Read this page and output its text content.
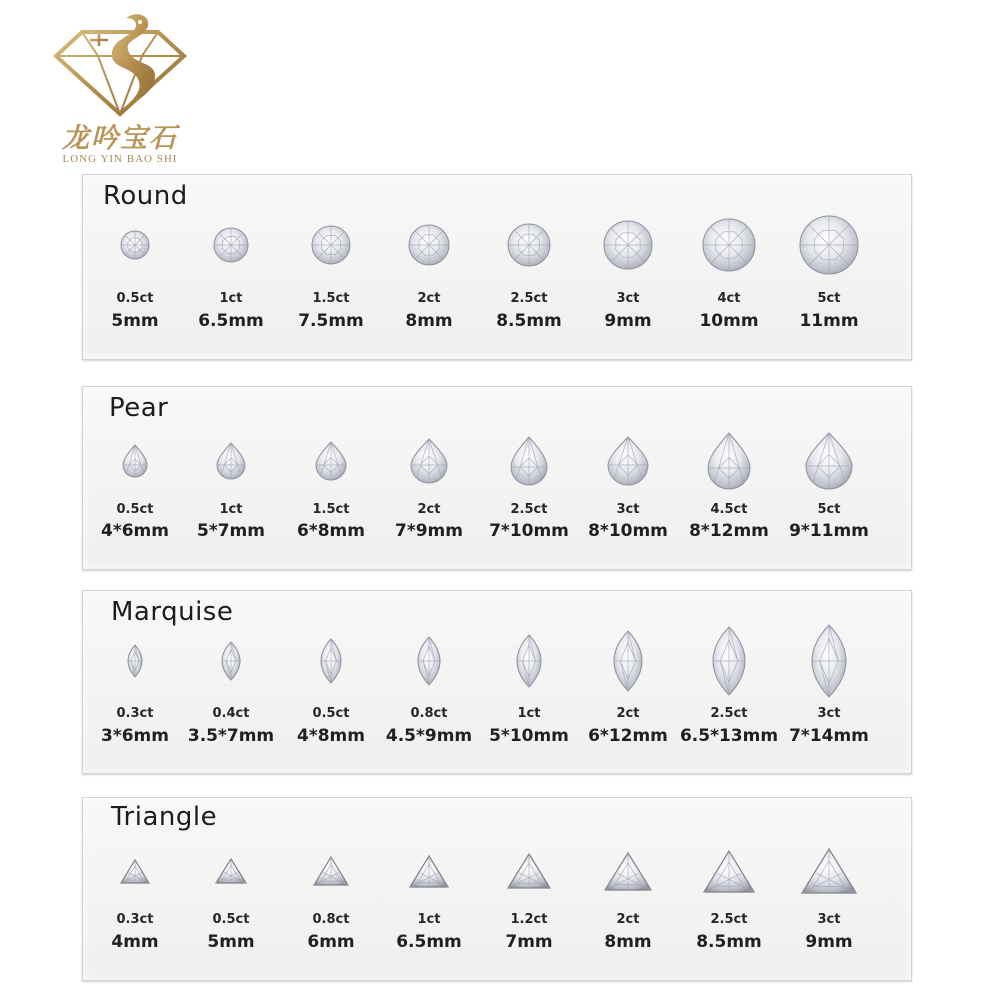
龙吟宝石
LONG YIN BAO SHI
Round
0.5ct
5mm
1ct
6.5mm
1.5ct
7.5mm
2ct
8mm
2.5ct
8.5mm
3ct
9mm
4ct
10mm
5ct
11mm
Pear
0.5ct
4*6mm
1ct
5*7mm
1.5ct
6*8mm
2ct
7*9mm
2.5ct
7*10mm
3ct
8*10mm
4.5ct
8*12mm
5ct
9*11mm
Marquise
0.3ct
3*6mm
0.4ct
3.5*7mm
0.5ct
4*8mm
0.8ct
4.5*9mm
1ct
5*10mm
2ct
6*12mm
2.5ct
6.5*13mm
3ct
7*14mm
Triangle
0.3ct
4mm
0.5ct
5mm
0.8ct
6mm
1ct
6.5mm
1.2ct
7mm
2ct
8mm
2.5ct
8.5mm
3ct
9mm
